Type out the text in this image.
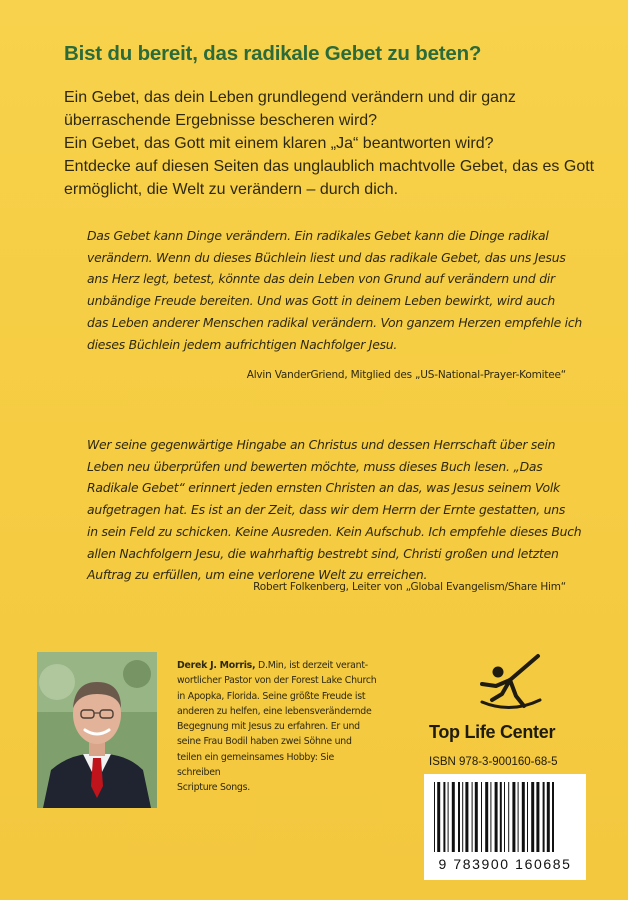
Bist du bereit, das radikale Gebet zu beten?

Ein Gebet, das dein Leben grundlegend verändern und dir ganz überraschende Ergebnisse bescheren wird?

Ein Gebet, das Gott mit einem klaren „Ja“ beantworten wird?

Entdecke auf diesen Seiten das unglaublich machtvolle Gebet, das es Gott ermöglicht, die Welt zu verändern – durch dich.

Das Gebet kann Dinge verändern. Ein radikales Gebet kann die Dinge radikal
verändern. Wenn du dieses Büchlein liest und das radikale Gebet, das uns Jesus
ans Herz legt, betest, könnte das dein Leben von Grund auf verändern und dir
unbändige Freude bereiten. Und was Gott in deinem Leben bewirkt, wird auch
das Leben anderer Menschen radikal verändern. Von ganzem Herzen empfehle ich
dieses Büchlein jedem aufrichtigen Nachfolger Jesu.
Alvin VanderGriend, Mitglied des „US-National-Prayer-Komitee“
Wer seine gegenwärtige Hingabe an Christus und dessen Herrschaft über sein
Leben neu überprüfen und bewerten möchte, muss dieses Buch lesen. „Das
Radikale Gebet“ erinnert jeden ernsten Christen an das, was Jesus seinem Volk
aufgetragen hat. Es ist an der Zeit, dass wir dem Herrn der Ernte gestatten, uns
in sein Feld zu schicken. Keine Ausreden. Kein Aufschub. Ich empfehle dieses Buch
allen Nachfolgern Jesu, die wahrhaftig bestrebt sind, Christi großen und letzten
Auftrag zu erfüllen, um eine verlorene Welt zu erreichen.
Robert Folkenberg, Leiter von „Global Evangelism/Share Him“
Derek J. Morris, D.Min, ist derzeit verant-
wortlicher Pastor von der Forest Lake Church
in Apopka, Florida. Seine größte Freude ist
anderen zu helfen, eine lebensverändernde
Begegnung mit Jesus zu erfahren. Er und
seine Frau Bodil haben zwei Söhne und
teilen ein gemeinsames Hobby: Sie schreiben
Scripture Songs.
Top Life Center
ISBN 978-3-900160-68-5
9 783900 160685
